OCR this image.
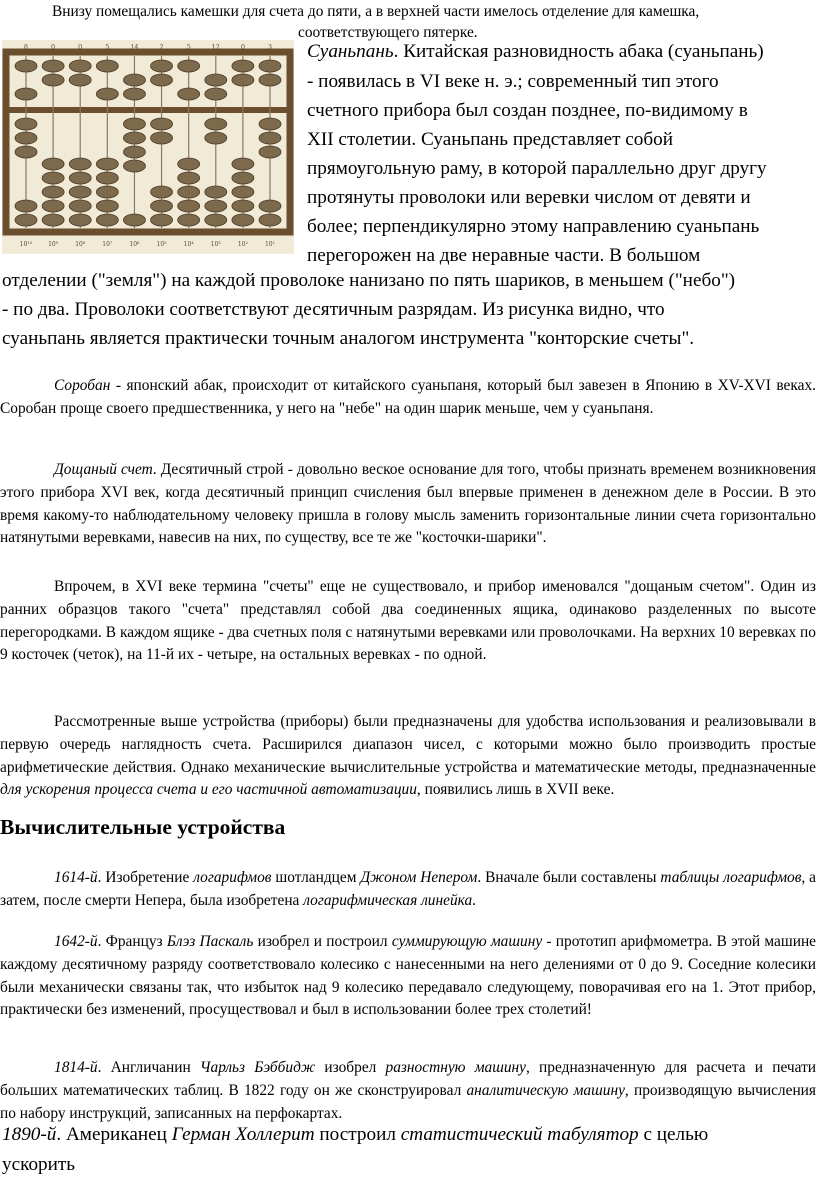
Внизу помещались камешки для счета до пяти, а в верхней части имелось отделение для камешка,
соответствующего пятерке.
8	0	0	5	14	2	5	12	0	3
10¹⁰	10⁹	10⁸	10⁷	10⁶	10⁵	10⁴	10³	10²	10¹
Суаньпань. Китайская разновидность абака (суаньпань)
- появилась в VI веке н. э.; современный тип этого
счетного прибора был создан позднее, по-видимому в
XII столетии. Суаньпань представляет собой
прямоугольную раму, в которой параллельно друг другу
протянуты проволоки или веревки числом от девяти и
более; перпендикулярно этому направлению суаньпань
перегорожен на две неравные части. В большом
отделении ("земля") на каждой проволоке нанизано по пять шариков, в меньшем ("небо")
- по два. Проволоки соответствуют десятичным разрядам. Из рисунка видно, что
суаньпань является практически точным аналогом инструмента "конторские счеты".

Соробан - японский абак, происходит от китайского суаньпаня, который был завезен в Японию в XV-XVI веках. Соробан проще своего предшественника, у него на "небе" на один шарик меньше, чем у суаньпаня.

Дощаный счет. Десятичный строй - довольно веское основание для того, чтобы признать временем возникновения этого прибора XVI век, когда десятичный принцип счисления был впервые применен в денежном деле в России. В это время какому-то наблюдательному человеку пришла в голову мысль заменить горизонтальные линии счета горизонтально натянутыми веревками, навесив на них, по существу, все те же "косточки-шарики".

Впрочем, в XVI веке термина "счеты" еще не существовало, и прибор именовался "дощаным счетом". Один из ранних образцов такого "счета" представлял собой два соединенных ящика, одинаково разделенных по высоте перегородками. В каждом ящике - два счетных поля с натянутыми веревками или проволочками. На верхних 10 веревках по 9 косточек (четок), на 11-й их - четыре, на остальных веревках - по одной.

Рассмотренные выше устройства (приборы) были предназначены для удобства использования и реализовывали в первую очередь наглядность счета. Расширился диапазон чисел, с которыми можно было производить простые арифметические действия. Однако механические вычислительные устройства и математические методы, предназначенные для ускорения процесса счета и его частичной автоматизации, появились лишь в XVII веке.

Вычислительные устройства

1614-й. Изобретение логарифмов шотландцем Джоном Непером. Вначале были составлены таблицы логарифмов, а затем, после смерти Непера, была изобретена логарифмическая линейка.

1642-й. Француз Блэз Паскаль изобрел и построил суммирующую машину - прототип арифмометра. В этой машине каждому десятичному разряду соответствовало колесико с нанесенными на него делениями от 0 до 9. Соседние колесики были механически связаны так, что избыток над 9 колесико передавало следующему, поворачивая его на 1. Этот прибор, практически без изменений, просуществовал и был в использовании более трех столетий!

1814-й. Англичанин Чарльз Бэббидж изобрел разностную машину, предназначенную для расчета и печати больших математических таблиц. В 1822 году он же сконструировал аналитическую машину, производящую вычисления по набору инструкций, записанных на перфокартах.

1890-й. Американец Герман Холлерит построил статистический табулятор с целью
ускорить
